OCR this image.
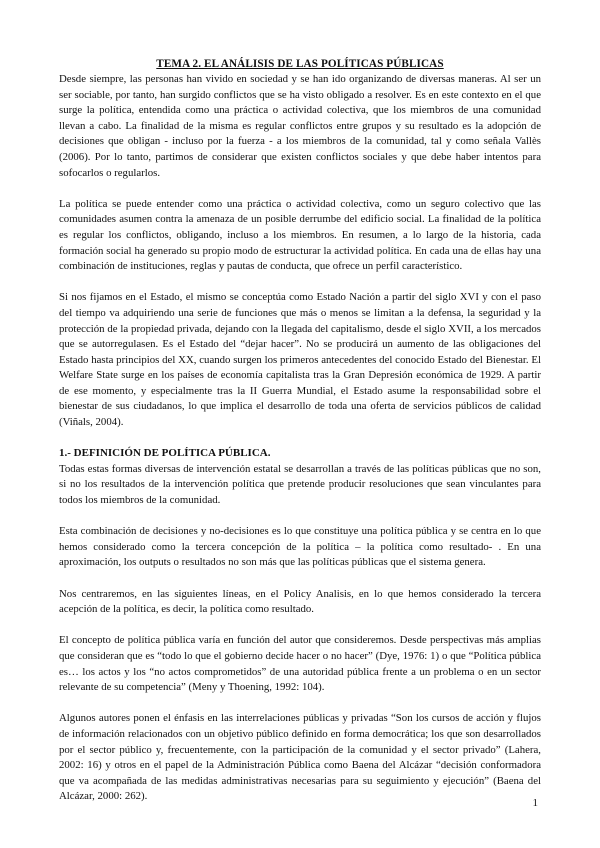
TEMA 2. EL ANÁLISIS DE LAS POLÍTICAS PÚBLICAS

Desde siempre, las personas han vivido en sociedad y se han ido organizando de diversas maneras. Al ser un ser sociable, por tanto, han surgido conflictos que se ha visto obligado a resolver. Es en este contexto en el que surge la política, entendida como una práctica o actividad colectiva, que los miembros de una comunidad llevan a cabo. La finalidad de la misma es regular conflictos entre grupos y su resultado es la adopción de decisiones que obligan - incluso por la fuerza - a los miembros de la comunidad, tal y como señala Vallès (2006). Por lo tanto, partimos de considerar que existen conflictos sociales y que debe haber intentos para sofocarlos o regularlos.

La política se puede entender como una práctica o actividad colectiva, como un seguro colectivo que las comunidades asumen contra la amenaza de un posible derrumbe del edificio social. La finalidad de la política es regular los conflictos, obligando, incluso a los miembros. En resumen, a lo largo de la historia, cada formación social ha generado su propio modo de estructurar la actividad política. En cada una de ellas hay una combinación de instituciones, reglas y pautas de conducta, que ofrece un perfil característico.

Si nos fijamos en el Estado, el mismo se conceptúa como Estado Nación a partir del siglo XVI y con el paso del tiempo va adquiriendo una serie de funciones que más o menos se limitan a la defensa, la seguridad y la protección de la propiedad privada, dejando con la llegada del capitalismo, desde el siglo XVII, a los mercados que se autorregulasen. Es el Estado del “dejar hacer”. No se producirá un aumento de las obligaciones del Estado hasta principios del XX, cuando surgen los primeros antecedentes del conocido Estado del Bienestar. El Welfare State surge en los países de economía capitalista tras la Gran Depresión económica de 1929. A partir de ese momento, y especialmente tras la II Guerra Mundial, el Estado asume la responsabilidad sobre el bienestar de sus ciudadanos, lo que implica el desarrollo de toda una oferta de servicios públicos de calidad (Viñals, 2004).

1.- DEFINICIÓN DE POLÍTICA PÚBLICA.

Todas estas formas diversas de intervención estatal se desarrollan a través de las políticas públicas que no son, si no los resultados de la intervención política que pretende producir resoluciones que sean vinculantes para todos los miembros de la comunidad.

Esta combinación de decisiones y no-decisiones es lo que constituye una política pública y se centra en lo que hemos considerado como la tercera concepción de la política – la política como resultado- . En una aproximación, los outputs o resultados no son más que las políticas públicas que el sistema genera.

Nos centraremos, en las siguientes líneas, en el Policy Analisis, en lo que hemos considerado la tercera acepción de la política, es decir, la política como resultado.

El concepto de política pública varía en función del autor que consideremos. Desde perspectivas más amplias que consideran que es “todo lo que el gobierno decide hacer o no hacer” (Dye, 1976: 1) o que “Política pública es… los actos y los “no actos comprometidos” de una autoridad pública frente a un problema o en un sector relevante de su competencia” (Meny y Thoening, 1992: 104).

Algunos autores ponen el énfasis en las interrelaciones públicas y privadas “Son los cursos de acción y flujos de información relacionados con un objetivo público definido en forma democrática; los que son desarrollados por el sector público y, frecuentemente, con la participación de la comunidad y el sector privado” (Lahera, 2002: 16) y otros en el papel de la Administración Pública como Baena del Alcázar “decisión conformadora que va acompañada de las medidas administrativas necesarias para su seguimiento y ejecución” (Baena del Alcázar, 2000: 262).

1
